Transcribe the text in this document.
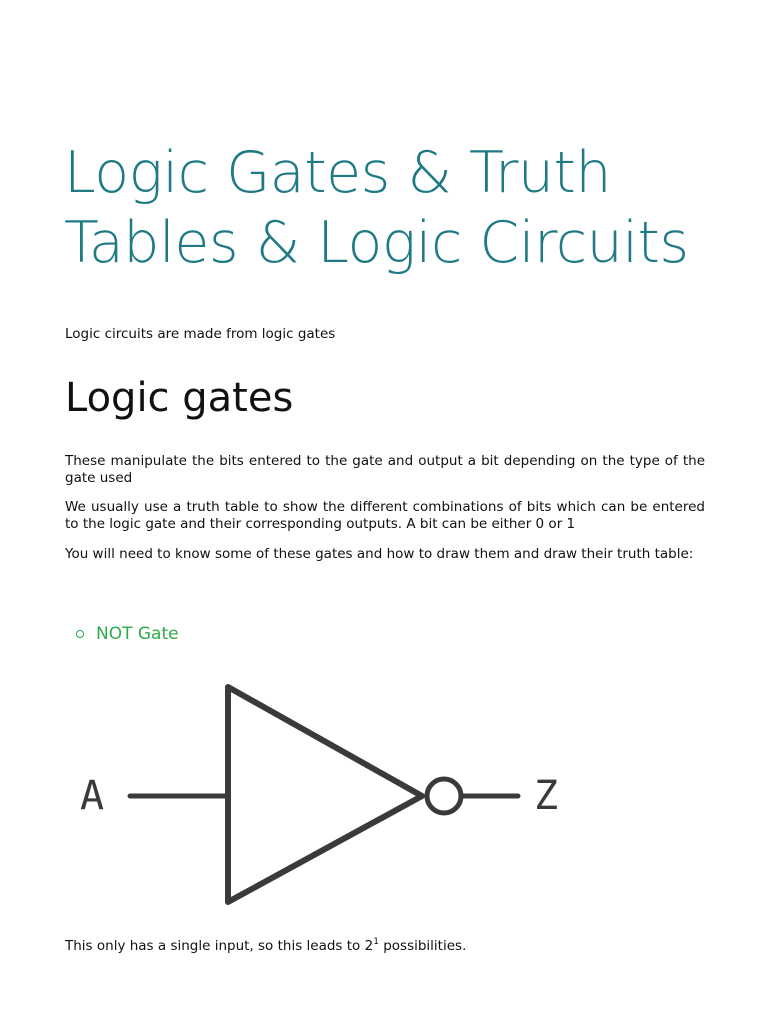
Logic Gates & Truth Tables & Logic Circuits

Logic circuits are made from logic gates

Logic gates

These manipulate the bits entered to the gate and output a bit depending on the type of the gate used

We usually use a truth table to show the different combinations of bits which can be entered to the logic gate and their corresponding outputs. A bit can be either 0 or 1

You will need to know some of these gates and how to draw them and draw their truth table:

NOT Gate
A	Z

This only has a single input, so this leads to $2^1$ possibilities.
